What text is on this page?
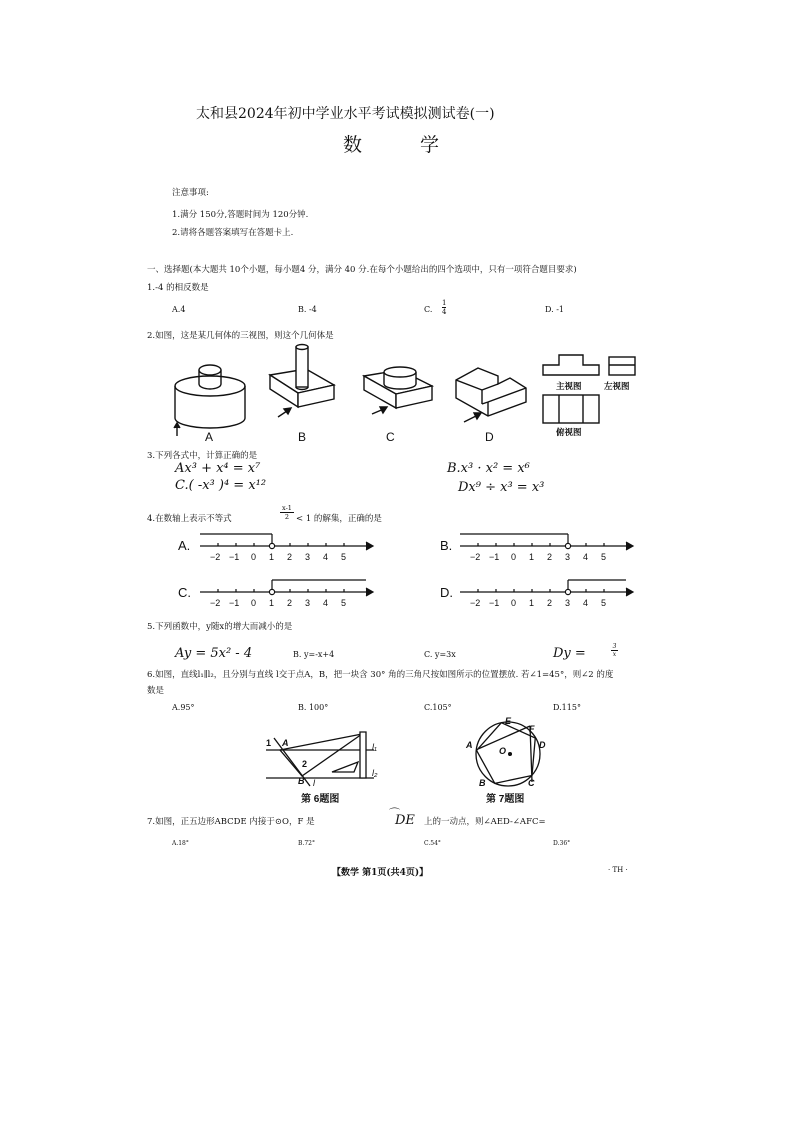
太和县2024年初中学业水平考试模拟测试卷(一)
数学
注意事项:
1.满分 150分,答题时间为 120分钟.
2.请将各题答案填写在答题卡上.
一、选择题(本大题共 10个小题，每小题4 分，满分 40 分.在每个小题给出的四个选项中，只有一项符合题目要求)
1.-4 的相反数是
A.4	B. -4	C. $\frac{1}{4}$	D. -1
2.如图，这是某几何体的三视图，则这个几何体是
A	B	C	D
主视图	左视图
俯视图
3.下列各式中，计算正确的是
Ax³ + x⁴ = x⁷	B.x³ · x² = x⁶
C.( -x³ )⁴ = x¹²	Dx⁹ ÷ x³ = x³
4.在数轴上表示不等式	$\frac{x-1}{2} < 1$ 的解集，正确的是
A.
−2 −1 0 1 2 3 4 5
B.
−2 −1 0 1 2 3 4 5
C.
−2 −1 0 1 2 3 4 5
D.
−2 −1 0 1 2 3 4 5
5.下列函数中，y随x的增大而减小的是
Ay = 5x² - 4	B. y=-x+4	C. y=3x	Dy =	$\frac{3}{x}$
6.如图，直线l₁∥l₂，且分别与直线 l交于点A，B，把一块含 30° 角的三角尺按如图所示的位置摆放. 若∠1=45°，则∠2 的度
数是
A.95°	B. 100°	C.105°	D.115°
1 A
2
B l
l₁
l₂
第 6题图
A
B	C
D
E
F
O
第 7题图
7.如图，正五边形ABCDE 内接于⊙O，F 是
⌒
DE 上的一动点，则∠AED-∠AFC=
A.18°	B.72°	C.54°	D.36°
【数学 第1页(共4页)】	· TH ·
